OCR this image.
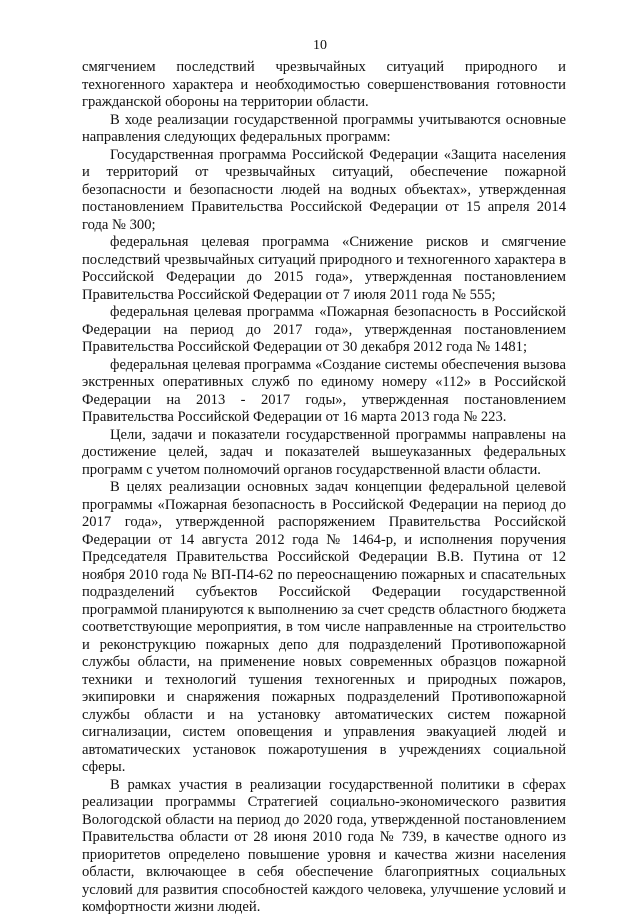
10

смягчением последствий чрезвычайных ситуаций природного и техногенного характера и необходимостью совершенствования готовности гражданской обороны на территории области.

В ходе реализации государственной программы учитываются основные направления следующих федеральных программ:

Государственная программа Российской Федерации «Защита населения и территорий от чрезвычайных ситуаций, обеспечение пожарной безопасности и безопасности людей на водных объектах», утвержденная постановлением Правительства Российской Федерации от 15 апреля 2014 года № 300;

федеральная целевая программа «Снижение рисков и смягчение последствий чрезвычайных ситуаций природного и техногенного характера в Российской Федерации до 2015 года», утвержденная постановлением Правительства Российской Федерации от 7 июля 2011 года № 555;

федеральная целевая программа «Пожарная безопасность в Российской Федерации на период до 2017 года», утвержденная постановлением Правительства Российской Федерации от 30 декабря 2012 года № 1481;

федеральная целевая программа «Создание системы обеспечения вызова экстренных оперативных служб по единому номеру «112» в Российской Федерации на 2013 - 2017 годы», утвержденная постановлением Правительства Российской Федерации от 16 марта 2013 года № 223.

Цели, задачи и показатели государственной программы направлены на достижение целей, задач и показателей вышеуказанных федеральных программ с учетом полномочий органов государственной власти области.

В целях реализации основных задач концепции федеральной целевой программы «Пожарная безопасность в Российской Федерации на период до 2017 года», утвержденной распоряжением Правительства Российской Федерации от 14 августа 2012 года № 1464-р, и исполнения поручения Председателя Правительства Российской Федерации В.В. Путина от 12 ноября 2010 года № ВП-П4-62 по переоснащению пожарных и спасательных подразделений субъектов Российской Федерации государственной программой планируются к выполнению за счет средств областного бюджета соответствующие мероприятия, в том числе направленные на строительство и реконструкцию пожарных депо для подразделений Противопожарной службы области, на применение новых современных образцов пожарной техники и технологий тушения техногенных и природных пожаров, экипировки и снаряжения пожарных подразделений Противопожарной службы области и на установку автоматических систем пожарной сигнализации, систем оповещения и управления эвакуацией людей и автоматических установок пожаротушения в учреждениях социальной сферы.

В рамках участия в реализации государственной политики в сферах реализации программы Стратегией социально-экономического развития Вологодской области на период до 2020 года, утвержденной постановлением Правительства области от 28 июня 2010 года № 739, в качестве одного из приоритетов определено повышение уровня и качества жизни населения области, включающее в себя обеспечение благоприятных социальных условий для развития способностей каждого человека, улучшение условий и комфортности жизни людей.
